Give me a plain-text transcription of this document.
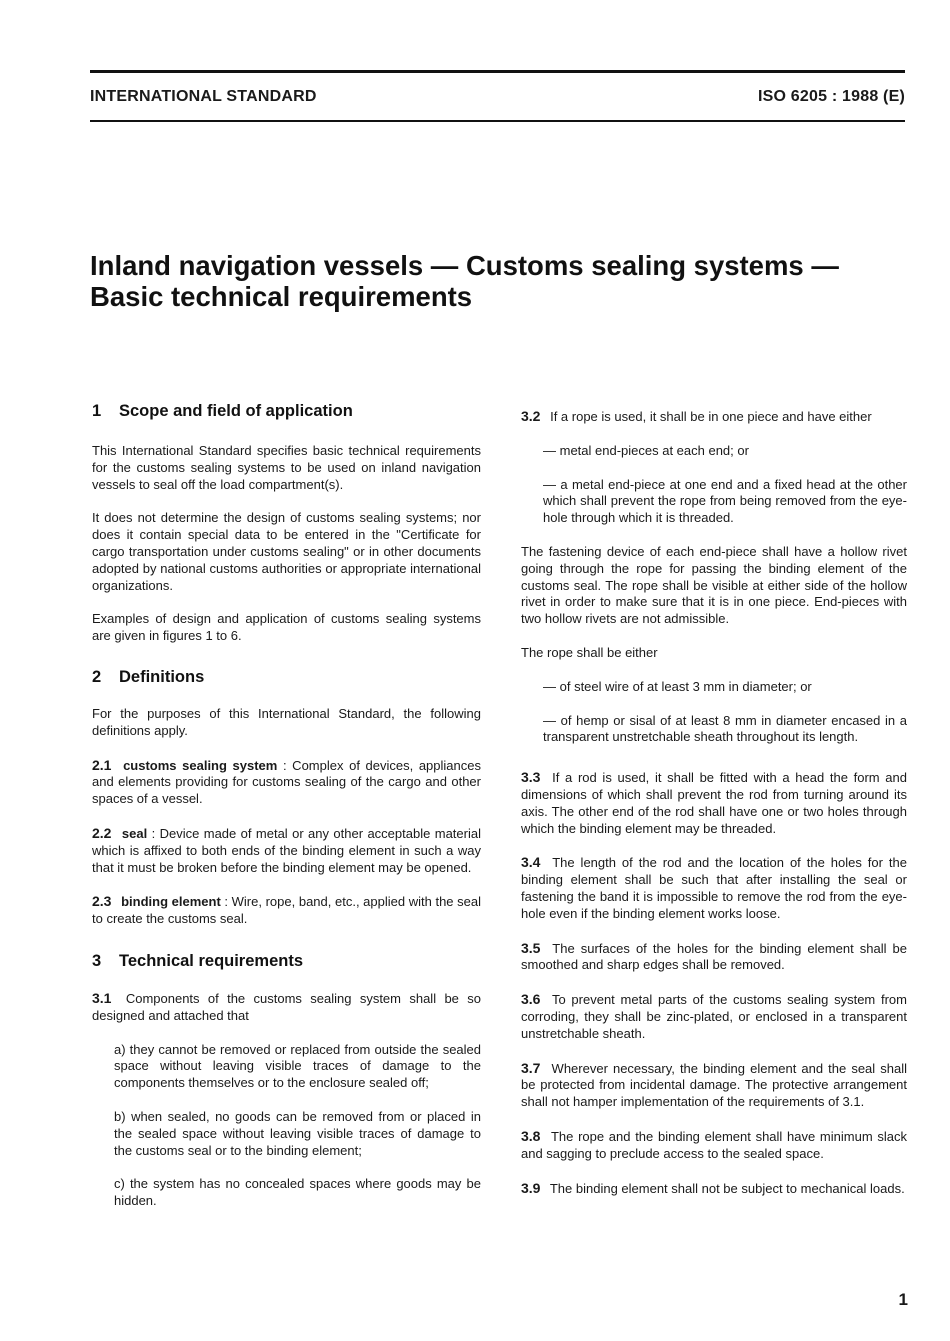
INTERNATIONAL STANDARD	ISO 6205 : 1988 (E)
Inland navigation vessels — Customs sealing systems —
Basic technical requirements
1 Scope and field of application

This International Standard specifies basic technical requirements for the customs sealing systems to be used on inland navigation vessels to seal off the load compartment(s).

It does not determine the design of customs sealing systems; nor does it contain special data to be entered in the "Certificate for cargo transportation under customs sealing" or in other documents adopted by national customs authorities or appropriate international organizations.

Examples of design and application of customs sealing systems are given in figures 1 to 6.

2 Definitions

For the purposes of this International Standard, the following definitions apply.

2.1 customs sealing system : Complex of devices, appliances and elements providing for customs sealing of the cargo and other spaces of a vessel.

2.2 seal : Device made of metal or any other acceptable material which is affixed to both ends of the binding element in such a way that it must be broken before the binding element may be opened.

2.3 binding element : Wire, rope, band, etc., applied with the seal to create the customs seal.

3 Technical requirements

3.1 Components of the customs sealing system shall be so designed and attached that

a) they cannot be removed or replaced from outside the sealed space without leaving visible traces of damage to the components themselves or to the enclosure sealed off;

b) when sealed, no goods can be removed from or placed in the sealed space without leaving visible traces of damage to the customs seal or to the binding element;

c) the system has no concealed spaces where goods may be hidden.

3.2 If a rope is used, it shall be in one piece and have either

— metal end-pieces at each end; or

— a metal end-piece at one end and a fixed head at the other which shall prevent the rope from being removed from the eye-hole through which it is threaded.

The fastening device of each end-piece shall have a hollow rivet going through the rope for passing the binding element of the customs seal. The rope shall be visible at either side of the hollow rivet in order to make sure that it is in one piece. End-pieces with two hollow rivets are not admissible.

The rope shall be either

— of steel wire of at least 3 mm in diameter; or

— of hemp or sisal of at least 8 mm in diameter encased in a transparent unstretchable sheath throughout its length.

3.3 If a rod is used, it shall be fitted with a head the form and dimensions of which shall prevent the rod from turning around its axis. The other end of the rod shall have one or two holes through which the binding element may be threaded.

3.4 The length of the rod and the location of the holes for the binding element shall be such that after installing the seal or fastening the band it is impossible to remove the rod from the eye-hole even if the binding element works loose.

3.5 The surfaces of the holes for the binding element shall be smoothed and sharp edges shall be removed.

3.6 To prevent metal parts of the customs sealing system from corroding, they shall be zinc-plated, or enclosed in a transparent unstretchable sheath.

3.7 Wherever necessary, the binding element and the seal shall be protected from incidental damage. The protective arrangement shall not hamper implementation of the requirements of 3.1.

3.8 The rope and the binding element shall have minimum slack and sagging to preclude access to the sealed space.

3.9 The binding element shall not be subject to mechanical loads.

1
